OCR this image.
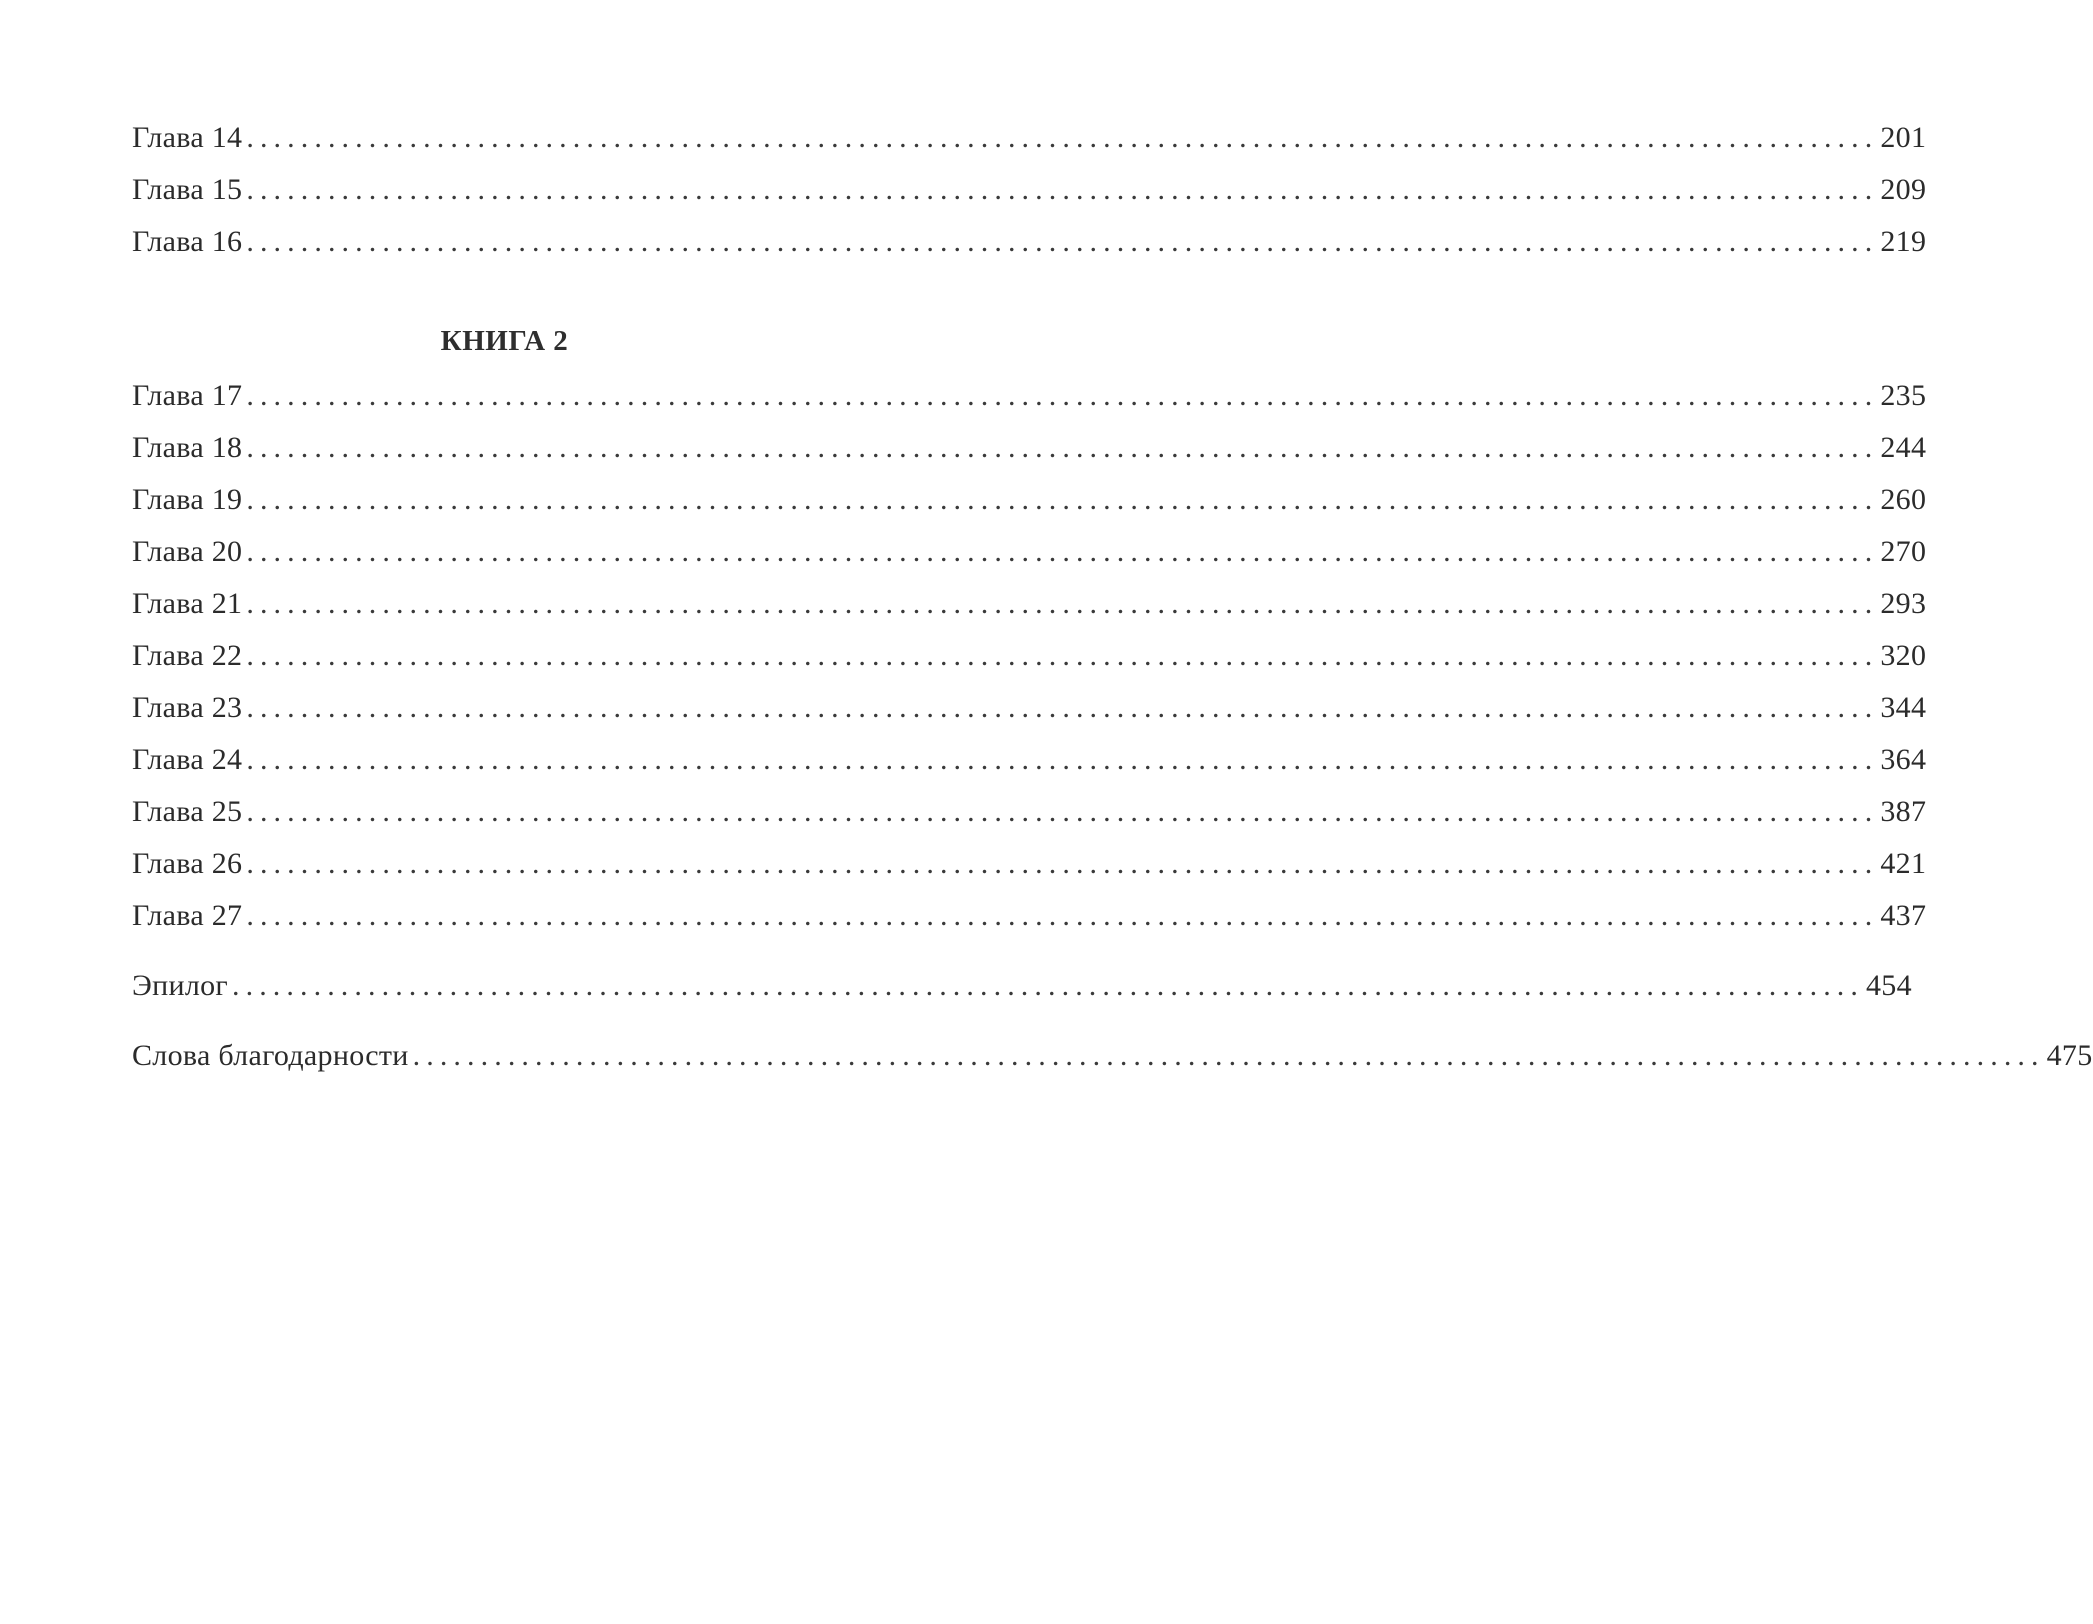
Глава 14 ........................................................................................................................ 201
Глава 15 ........................................................................................................................ 209
Глава 16 ........................................................................................................................ 219
КНИГА 2
Глава 17 ........................................................................................................................ 235
Глава 18 ........................................................................................................................ 244
Глава 19 ........................................................................................................................ 260
Глава 20 ........................................................................................................................ 270
Глава 21 ........................................................................................................................ 293
Глава 22 ........................................................................................................................ 320
Глава 23 ........................................................................................................................ 344
Глава 24 ........................................................................................................................ 364
Глава 25 ........................................................................................................................ 387
Глава 26 ........................................................................................................................ 421
Глава 27 ........................................................................................................................ 437
Эпилог ........................................................................................................................ 454
Слова благодарности ........................................................................................................................ 475
